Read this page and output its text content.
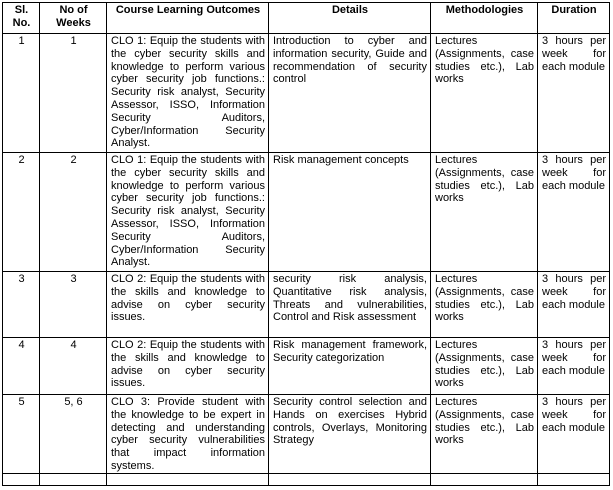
Sl. No.	No of Weeks	Course Learning Outcomes	Details	Methodologies	Duration
1	1	CLO 1: Equip the students with the cyber security skills and knowledge to perform various cyber security job functions.: Security risk analyst, Security Assessor, ISSO, Information Security Auditors, Cyber/Information Security Analyst.	Introduction to cyber and information security, Guide and recommendation of security control	Lectures (Assignments, case studies etc.), Lab works	3 hours per week for each module
2	2	CLO 1: Equip the students with the cyber security skills and knowledge to perform various cyber security job functions.: Security risk analyst, Security Assessor, ISSO, Information Security Auditors, Cyber/Information Security Analyst.	Risk management concepts	Lectures (Assignments, case studies etc.), Lab works	3 hours per week for each module
3	3	CLO 2: Equip the students with the skills and knowledge to advise on cyber security issues.	security risk analysis, Quantitative risk analysis, Threats and vulnerabilities, Control and Risk assessment	Lectures (Assignments, case studies etc.), Lab works	3 hours per week for each module
4	4	CLO 2: Equip the students with the skills and knowledge to advise on cyber security issues.	Risk management framework, Security categorization	Lectures (Assignments, case studies etc.), Lab works	3 hours per week for each module
5	5, 6	CLO 3: Provide student with the knowledge to be expert in detecting and understanding cyber security vulnerabilities that impact information systems.	Security control selection and Hands on exercises Hybrid controls, Overlays, Monitoring Strategy	Lectures (Assignments, case studies etc.), Lab works	3 hours per week for each module
